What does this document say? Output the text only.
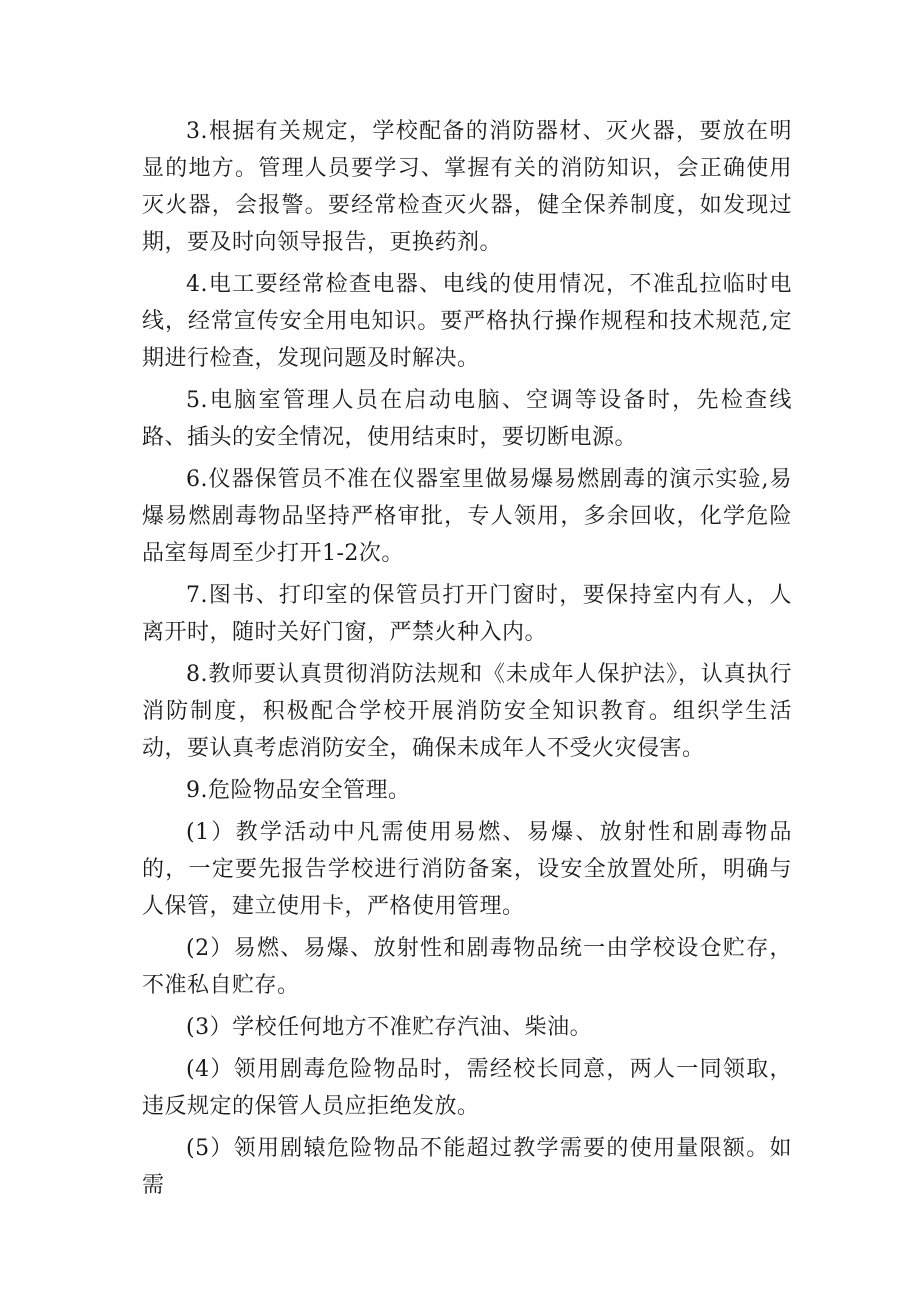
3.根据有关规定，学校配备的消防器材、灭火器，要放在明显的地方。管理人员要学习、掌握有关的消防知识，会正确使用灭火器，会报警。要经常检查灭火器，健全保养制度，如发现过期，要及时向领导报告，更换药剂。

4.电工要经常检查电器、电线的使用情况，不准乱拉临时电线，经常宣传安全用电知识。要严格执行操作规程和技术规范,定期进行检查，发现问题及时解决。

5.电脑室管理人员在启动电脑、空调等设备时，先检查线路、插头的安全情况，使用结束时，要切断电源。

6.仪器保管员不准在仪器室里做易爆易燃剧毒的演示实验,易爆易燃剧毒物品坚持严格审批，专人领用，多余回收，化学危险品室每周至少打开1-2次。

7.图书、打印室的保管员打开门窗时，要保持室内有人，人离开时，随时关好门窗，严禁火种入内。

8.教师要认真贯彻消防法规和《未成年人保护法》，认真执行消防制度，积极配合学校开展消防安全知识教育。组织学生活动，要认真考虑消防安全，确保未成年人不受火灾侵害。

9.危险物品安全管理。

(1）教学活动中凡需使用易燃、易爆、放射性和剧毒物品的，一定要先报告学校进行消防备案，设安全放置处所，明确与人保管，建立使用卡，严格使用管理。

(2）易燃、易爆、放射性和剧毒物品统一由学校设仓贮存，不准私自贮存。

(3）学校任何地方不准贮存汽油、柴油。

(4）领用剧毒危险物品时，需经校长同意，两人一同领取，违反规定的保管人员应拒绝发放。

(5）领用剧辕危险物品不能超过教学需要的使用量限额。如需
